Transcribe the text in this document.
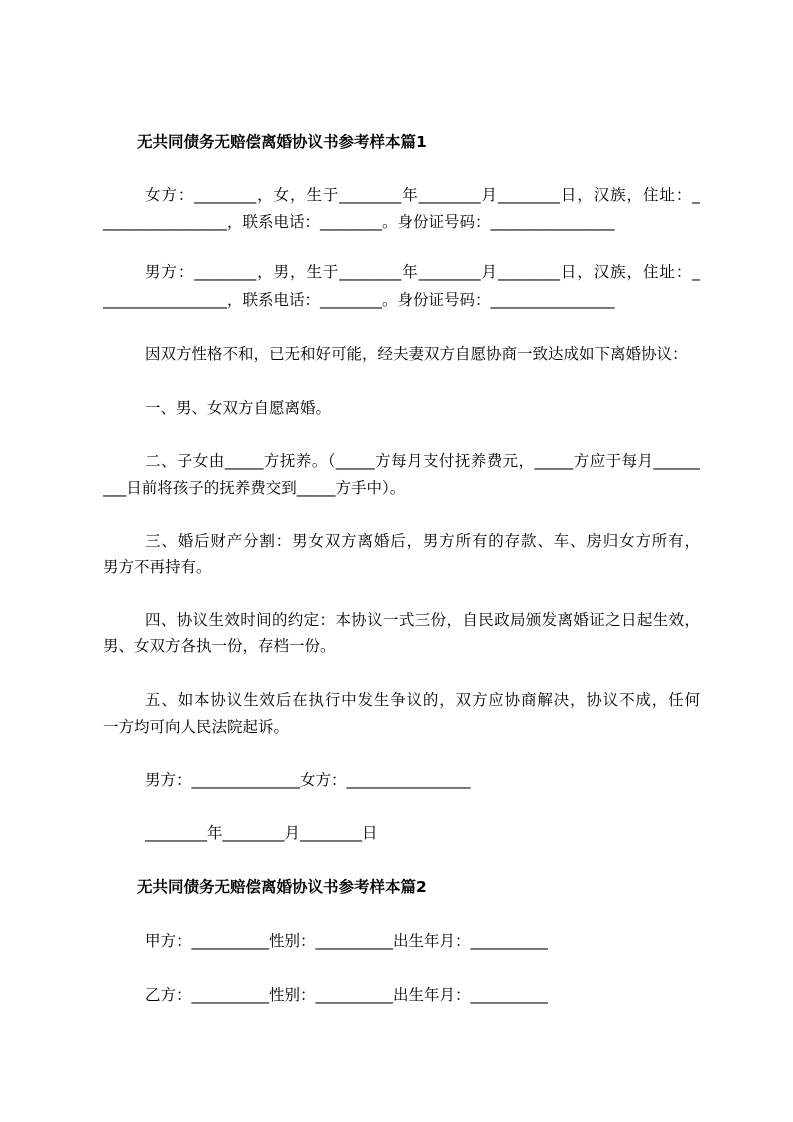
无共同债务无赔偿离婚协议书参考样本篇1
女方：________，女，生于________年________月________日，汉族，住址：_
________________，联系电话：________。身份证号码：________________
男方：________，男，生于________年________月________日，汉族，住址：_
________________，联系电话：________。身份证号码：________________
因双方性格不和，已无和好可能，经夫妻双方自愿协商一致达成如下离婚协议：
一、男、女双方自愿离婚。
二、子女由_____方抚养。（_____方每月支付抚养费元，_____方应于每月______
___日前将孩子的抚养费交到_____方手中）。
三、婚后财产分割：男女双方离婚后，男方所有的存款、车、房归女方所有，
男方不再持有。
四、协议生效时间的约定：本协议一式三份，自民政局颁发离婚证之日起生效，
男、女双方各执一份，存档一份。
五、如本协议生效后在执行中发生争议的，双方应协商解决，协议不成，任何
一方均可向人民法院起诉。
男方：______________女方：________________
________年________月________日
无共同债务无赔偿离婚协议书参考样本篇2
甲方：__________性别：__________出生年月：__________
乙方：__________性别：__________出生年月：__________
